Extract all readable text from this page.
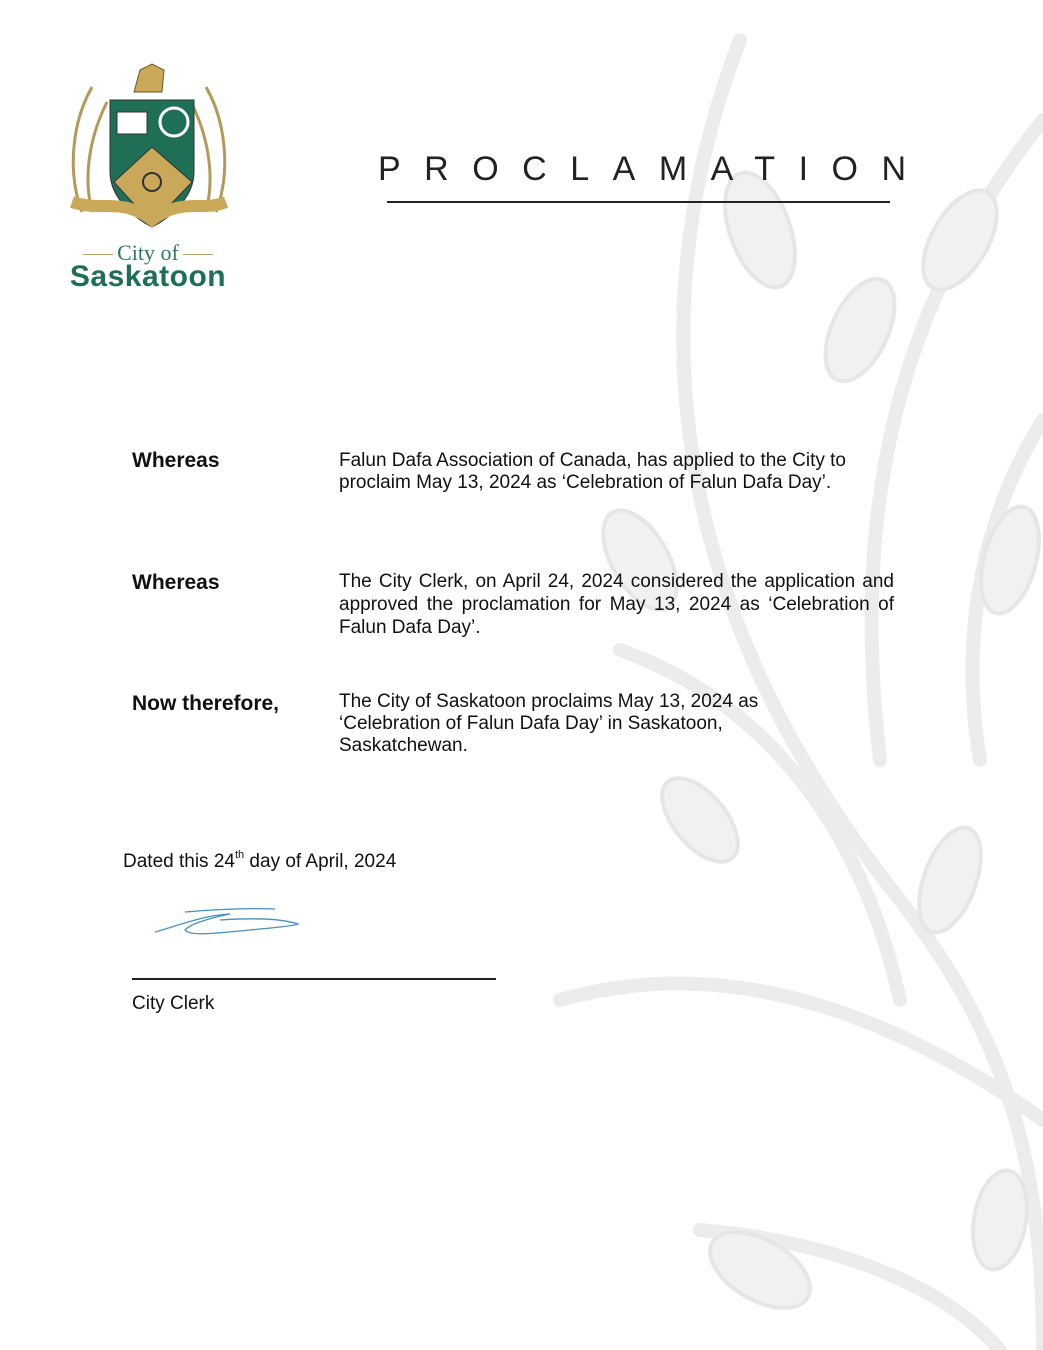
City of
Saskatoon
PROCLAMATION
Whereas	Falun Dafa Association of Canada, has applied to the City to proclaim May 13, 2024 as ‘Celebration of Falun Dafa Day’.
Whereas	The City Clerk, on April 24, 2024 considered the application and approved the proclamation for May 13, 2024 as ‘Celebration of Falun Dafa Day’.
Now therefore,	The City of Saskatoon proclaims May 13, 2024 as ‘Celebration of Falun Dafa Day’ in Saskatoon, Saskatchewan.
Dated this 24th day of April, 2024
City Clerk
